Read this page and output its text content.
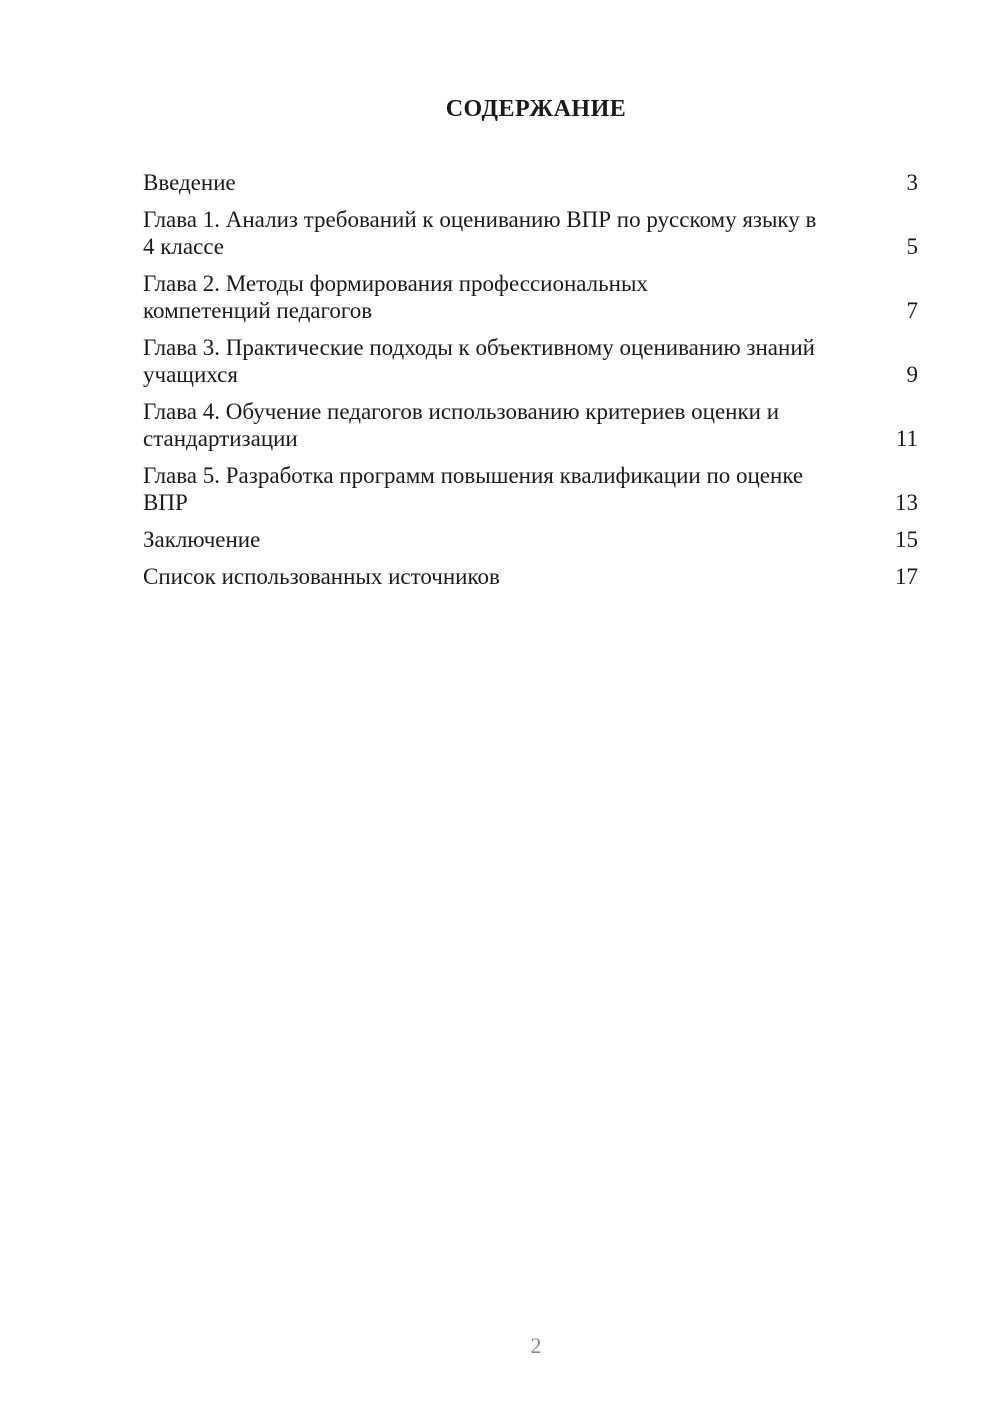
СОДЕРЖАНИЕ
Введение	3
Глава 1. Анализ требований к оцениванию ВПР по русскому языку в 4 классе	5
Глава 2. Методы формирования профессиональных компетенций педагогов	7
Глава 3. Практические подходы к объективному оцениванию знаний учащихся	9
Глава 4. Обучение педагогов использованию критериев оценки и стандартизации	11
Глава 5. Разработка программ повышения квалификации по оценке ВПР	13
Заключение	15
Список использованных источников	17
2
